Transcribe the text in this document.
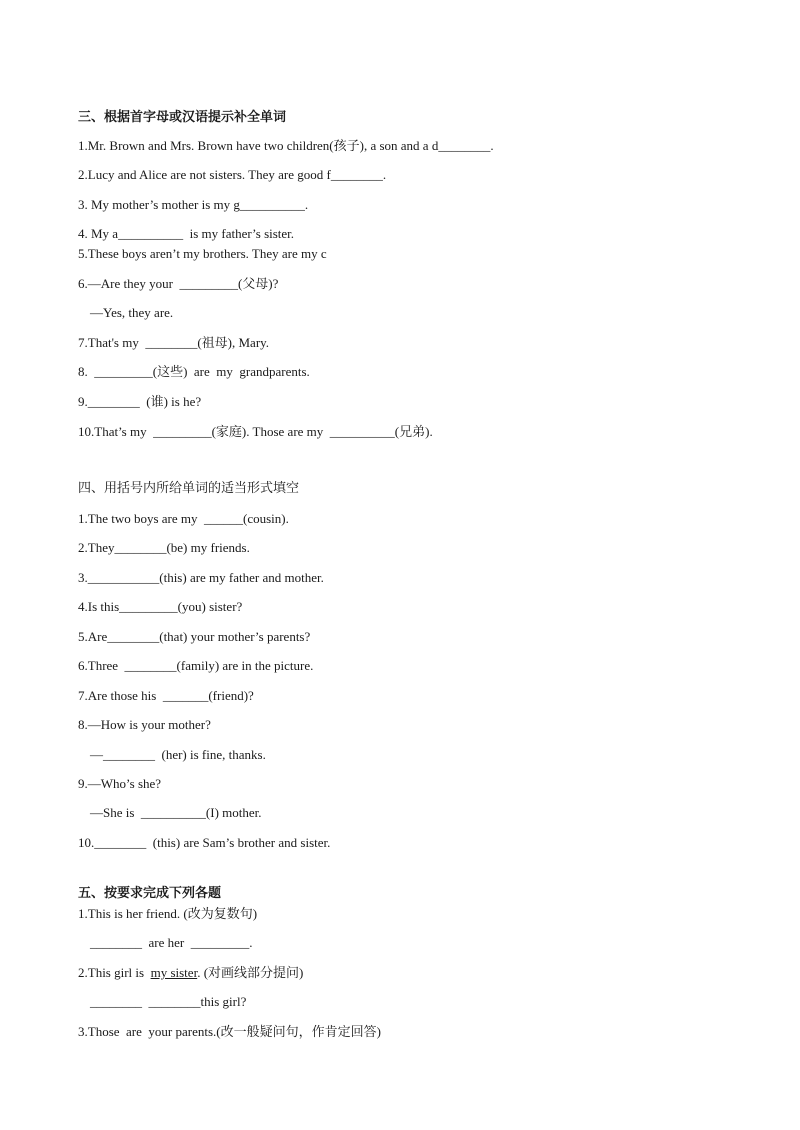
三、根据首字母或汉语提示补全单词
1.Mr. Brown and Mrs. Brown have two children(孩子), a son and a d________.
2.Lucy and Alice are not sisters. They are good f________.
3. My mother’s mother is my g__________.
4. My a__________  is my father’s sister.
5.These boys aren’t my brothers. They are my c
6.—Are they your  _________(父母)?
—Yes, they are.
7.That's my  ________(祖母), Mary.
8.  _________(这些)  are  my  grandparents.
9.________  (谁) is he?
10.That’s my  _________(家庭). Those are my  __________(兄弟).
四、用括号内所给单词的适当形式填空
1.The two boys are my  ______(cousin).
2.They________(be) my friends.
3.___________(this) are my father and mother.
4.Is this_________(you) sister?
5.Are________(that) your mother’s parents?
6.Three  ________(family) are in the picture.
7.Are those his  _______(friend)?
8.—How is your mother?
—________  (her) is fine, thanks.
9.—Who’s she?
—She is  __________(I) mother.
10.________  (this) are Sam’s brother and sister.
五、按要求完成下列各题
1.This is her friend. (改为复数句)
________  are her  _________.
2.This girl is  my sister. (对画线部分提问)
________  ________this girl?
3.Those  are  your parents.(改一般疑问句，作肯定回答)
